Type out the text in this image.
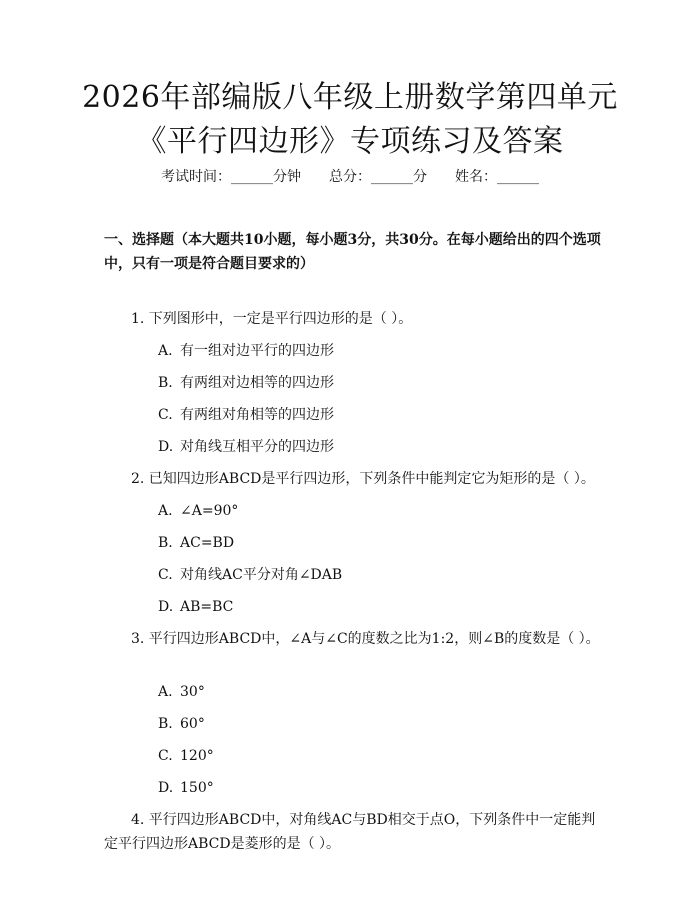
2026年部编版八年级上册数学第四单元《平行四边形》专项练习及答案
考试时间：______分钟　　总分：______分　　姓名：______

一、选择题（本大题共10小题，每小题3分，共30分。在每小题给出的四个选项中，只有一项是符合题目要求的）

1. 下列图形中，一定是平行四边形的是（ ）。

A. 有一组对边平行的四边形

B. 有两组对边相等的四边形

C. 有两组对角相等的四边形

D. 对角线互相平分的四边形

2. 已知四边形ABCD是平行四边形，下列条件中能判定它为矩形的是（ ）。

A. ∠A=90°

B. AC=BD

C. 对角线AC平分对角∠DAB

D. AB=BC

3. 平行四边形ABCD中，∠A与∠C的度数之比为1:2，则∠B的度数是（ ）。

A. 30°

B. 60°

C. 120°

D. 150°

4. 平行四边形ABCD中，对角线AC与BD相交于点O，下列条件中一定能判定平行四边形ABCD是菱形的是（ ）。
